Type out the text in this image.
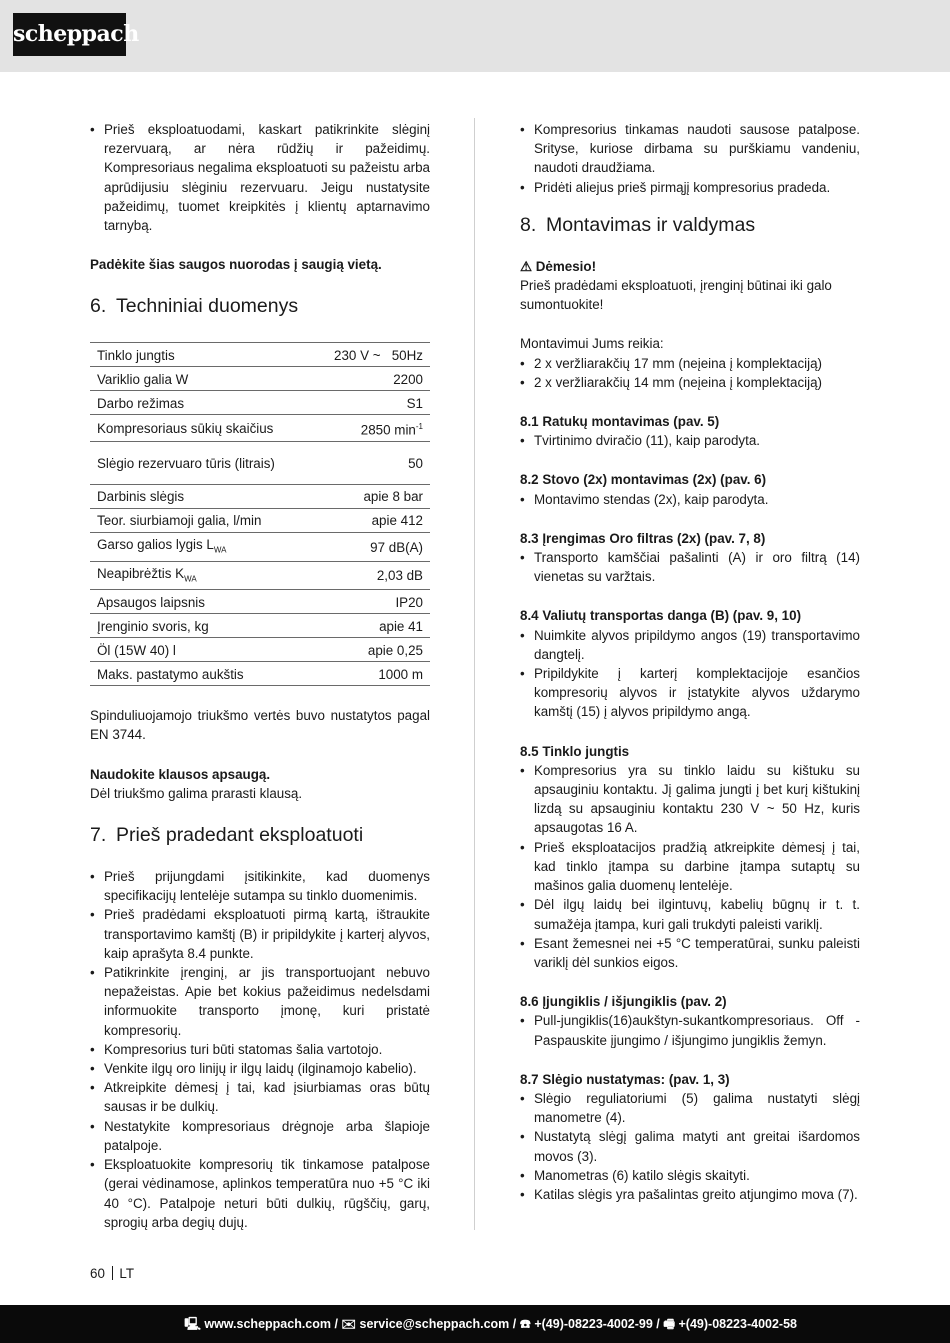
scheppach
• Prieš eksploatuodami, kaskart patikrinkite slėginį rezervuarą, ar nėra rūdžių ir pažeidimų. Kompresoriaus negalima eksploatuoti su pažeistu arba aprūdijusiu slėginiu rezervuaru. Jeigu nustatysite pažeidimų, tuomet kreipkitės į klientų aptarnavimo tarnybą.

Padėkite šias saugos nuorodas į saugią vietą.

6. Techniniai duomenys
Tinklo jungtis	230 V ~   50Hz
Variklio galia W	2200
Darbo režimas	S1
Kompresoriaus sūkių skaičius	2850 $\min^{-1}$
Slėgio rezervuaro tūris (litrais)	50
Darbinis slėgis	apie 8 bar
Teor. siurbiamoji galia, l/min	apie 412
Garso galios lygis $L_{WA}$	97 dB(A)
Neapibrėžtis $K_{WA}$	2,03 dB
Apsaugos laipsnis	IP20
Įrenginio svoris, kg	apie 41
Öl (15W 40) l	apie 0,25
Maks. pastatymo aukštis	1000 m

Spinduliuojamojo triukšmo vertės buvo nustatytos pagal EN 3744.

Naudokite klausos apsaugą.

Dėl triukšmo galima prarasti klausą.

7. Prieš pradedant eksploatuoti
• Prieš prijungdami įsitikinkite, kad duomenys specifikacijų lentelėje sutampa su tinklo duomenimis.
• Prieš pradėdami eksploatuoti pirmą kartą, ištraukite transportavimo kamštį (B) ir pripildykite į karterį alyvos, kaip aprašyta 8.4 punkte.
• Patikrinkite įrenginį, ar jis transportuojant nebuvo nepažeistas. Apie bet kokius pažeidimus nedelsdami informuokite transporto įmonę, kuri pristatė kompresorių.
• Kompresorius turi būti statomas šalia vartotojo.
• Venkite ilgų oro linijų ir ilgų laidų (ilginamojo kabelio).
• Atkreipkite dėmesį į tai, kad įsiurbiamas oras būtų sausas ir be dulkių.
• Nestatykite kompresoriaus drėgnoje arba šlapioje patalpoje.
• Eksploatuokite kompresorių tik tinkamose patalpose (gerai vėdinamose, aplinkos temperatūra nuo +5 °C iki 40 °C). Patalpoje neturi būti dulkių, rūgščių, garų, sprogių arba degių dujų.
• Kompresorius tinkamas naudoti sausose patalpose. Srityse, kuriose dirbama su purškiamu vandeniu, naudoti draudžiama.
• Pridėti aliejus prieš pirmąjį kompresorius pradeda.
8. Montavimas ir valdymas

⚠ Dėmesio!

Prieš pradėdami eksploatuoti, įrenginį būtinai iki galo sumontuokite!

Montavimui Jums reikia:

• 2 x veržliarakčių 17 mm (neįeina į komplektaciją)
• 2 x veržliarakčių 14 mm (neįeina į komplektaciją)

8.1 Ratukų montavimas (pav. 5)

• Tvirtinimo dviračio (11), kaip parodyta.

8.2 Stovo (2x) montavimas (2x) (pav. 6)

• Montavimo stendas (2x), kaip parodyta.

8.3 Įrengimas Oro filtras (2x) (pav. 7, 8)

• Transporto kamščiai pašalinti (A) ir oro filtrą (14) vienetas su varžtais.

8.4 Valiutų transportas danga (B) (pav. 9, 10)

• Nuimkite alyvos pripildymo angos (19) transportavimo dangtelį.
• Pripildykite į karterį komplektacijoje esančios kompresorių alyvos ir įstatykite alyvos uždarymo kamštį (15) į alyvos pripildymo angą.

8.5 Tinklo jungtis

• Kompresorius yra su tinklo laidu su kištuku su apsauginiu kontaktu. Jį galima jungti į bet kurį kištukinį lizdą su apsauginiu kontaktu 230 V ~ 50 Hz, kuris apsaugotas 16 A.
• Prieš eksploatacijos pradžią atkreipkite dėmesį į tai, kad tinklo įtampa su darbine įtampa sutaptų su mašinos galia duomenų lentelėje.
• Dėl ilgų laidų bei ilgintuvų, kabelių būgnų ir t. t. sumažėja įtampa, kuri gali trukdyti paleisti variklį.
• Esant žemesnei nei +5 °C temperatūrai, sunku paleisti variklį dėl sunkios eigos.

8.6 Įjungiklis / išjungiklis (pav. 2)

• Pull-jungiklis(16)aukštyn-sukantkompresoriaus. Off - Paspauskite įjungimo / išjungimo jungiklis žemyn.

8.7 Slėgio nustatymas: (pav. 1, 3)

• Slėgio reguliatoriumi (5) galima nustatyti slėgį manometre (4).
• Nustatytą slėgį galima matyti ant greitai išardomos movos (3).
• Manometras (6) katilo slėgis skaityti.
• Katilas slėgis yra pašalintas greito atjungimo mova (7).
60 LT
🖳 www.scheppach.com / ✉ service@scheppach.com / ☎ +(49)-08223-4002-99 / 🖷 +(49)-08223-4002-58
